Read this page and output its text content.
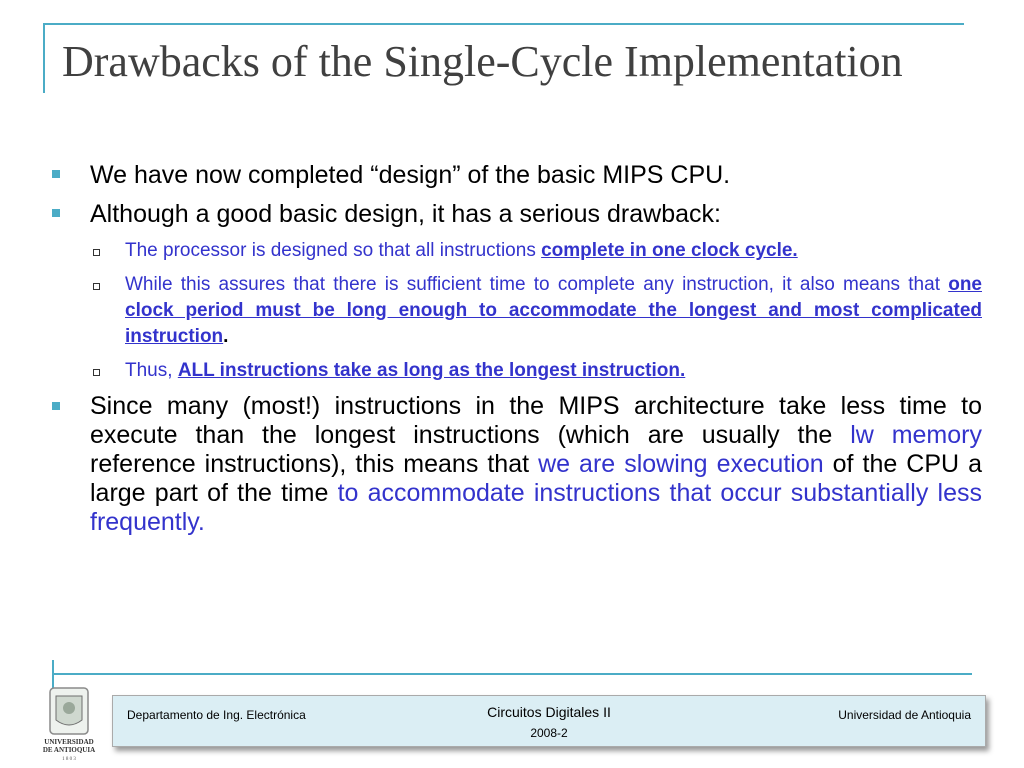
Drawbacks of the Single-Cycle Implementation
We have now completed “design” of the basic MIPS CPU.
Although a good basic design, it has a serious drawback:
The processor is designed so that all instructions complete in one clock cycle.
While this assures that there is sufficient time to complete any instruction, it also means that one clock period must be long enough to accommodate the longest and most complicated instruction.
Thus, ALL instructions take as long as the longest instruction.
Since many (most!) instructions in the MIPS architecture take less time to execute than the longest instructions (which are usually the lw memory reference instructions), this means that we are slowing execution of the CPU a large part of the time to accommodate instructions that occur substantially less frequently.
UNIVERSIDAD
DE ANTIOQUIA
1 8 0 3
Departamento de Ing. Electrónica	Circuitos Digitales II
2008-2
Universidad de Antioquia
